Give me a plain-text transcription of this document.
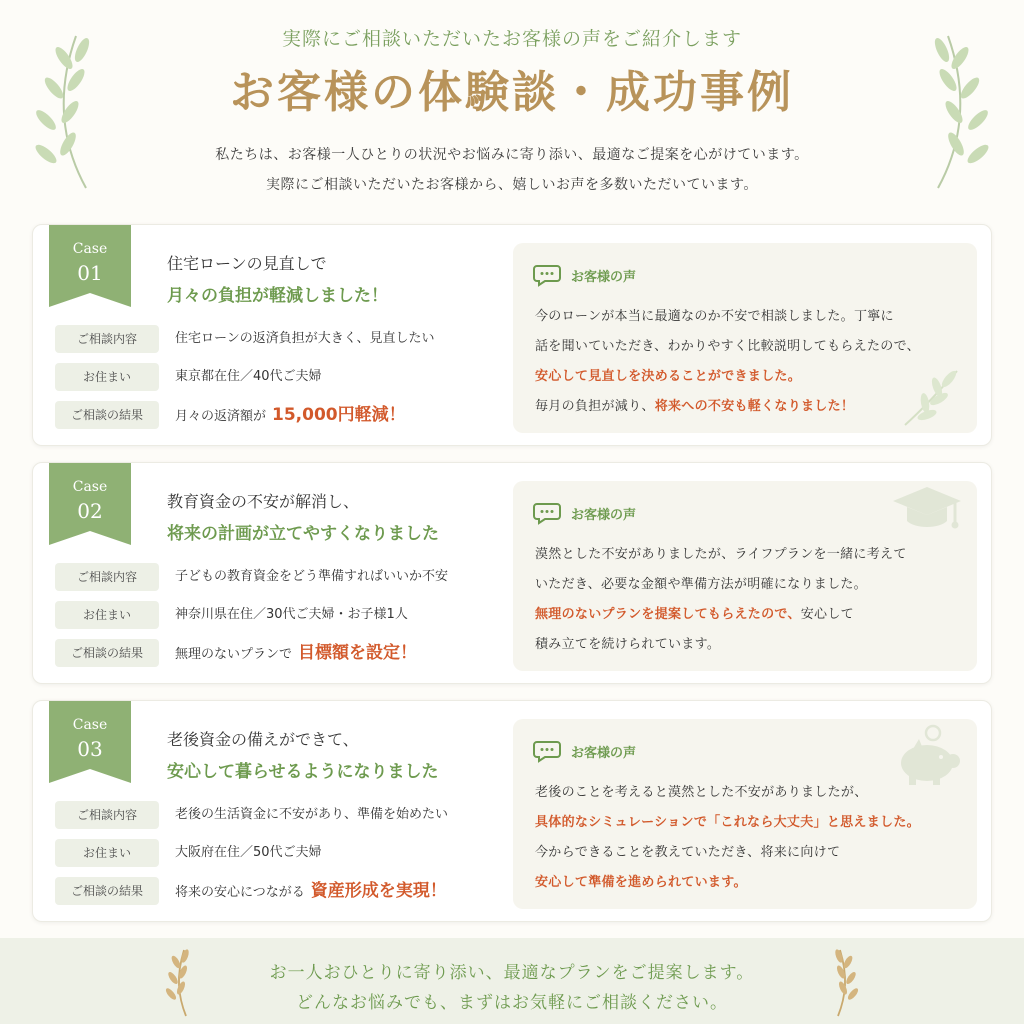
実際にご相談いただいたお客様の声をご紹介します
お客様の体験談・成功事例
私たちは、お客様一人ひとりの状況やお悩みに寄り添い、最適なご提案を心がけています。
実際にご相談いただいたお客様から、嬉しいお声を多数いただいています。
Case
01	住宅ローンの見直しで
月々の負担が軽減しました！
ご相談内容	住宅ローンの返済負担が大きく、見直したい
お住まい	東京都在住／40代ご夫婦
ご相談の結果	月々の返済額が 15,000円軽減！
お客様の声
今のローンが本当に最適なのか不安で相談しました。丁寧に
話を聞いていただき、わかりやすく比較説明してもらえたので、
安心して見直しを決めることができました。
毎月の負担が減り、将来への不安も軽くなりました！
Case
02	教育資金の不安が解消し、
将来の計画が立てやすくなりました
ご相談内容	子どもの教育資金をどう準備すればいいか不安
お住まい	神奈川県在住／30代ご夫婦・お子様1人
ご相談の結果	無理のないプランで 目標額を設定！
お客様の声
漠然とした不安がありましたが、ライフプランを一緒に考えて
いただき、必要な金額や準備方法が明確になりました。
無理のないプランを提案してもらえたので、安心して
積み立てを続けられています。
Case
03	老後資金の備えができて、
安心して暮らせるようになりました
ご相談内容	老後の生活資金に不安があり、準備を始めたい
お住まい	大阪府在住／50代ご夫婦
ご相談の結果	将来の安心につながる 資産形成を実現！
お客様の声
老後のことを考えると漠然とした不安がありましたが、
具体的なシミュレーションで「これなら大丈夫」と思えました。
今からできることを教えていただき、将来に向けて
安心して準備を進められています。
お一人おひとりに寄り添い、最適なプランをご提案します。
どんなお悩みでも、まずはお気軽にご相談ください。
